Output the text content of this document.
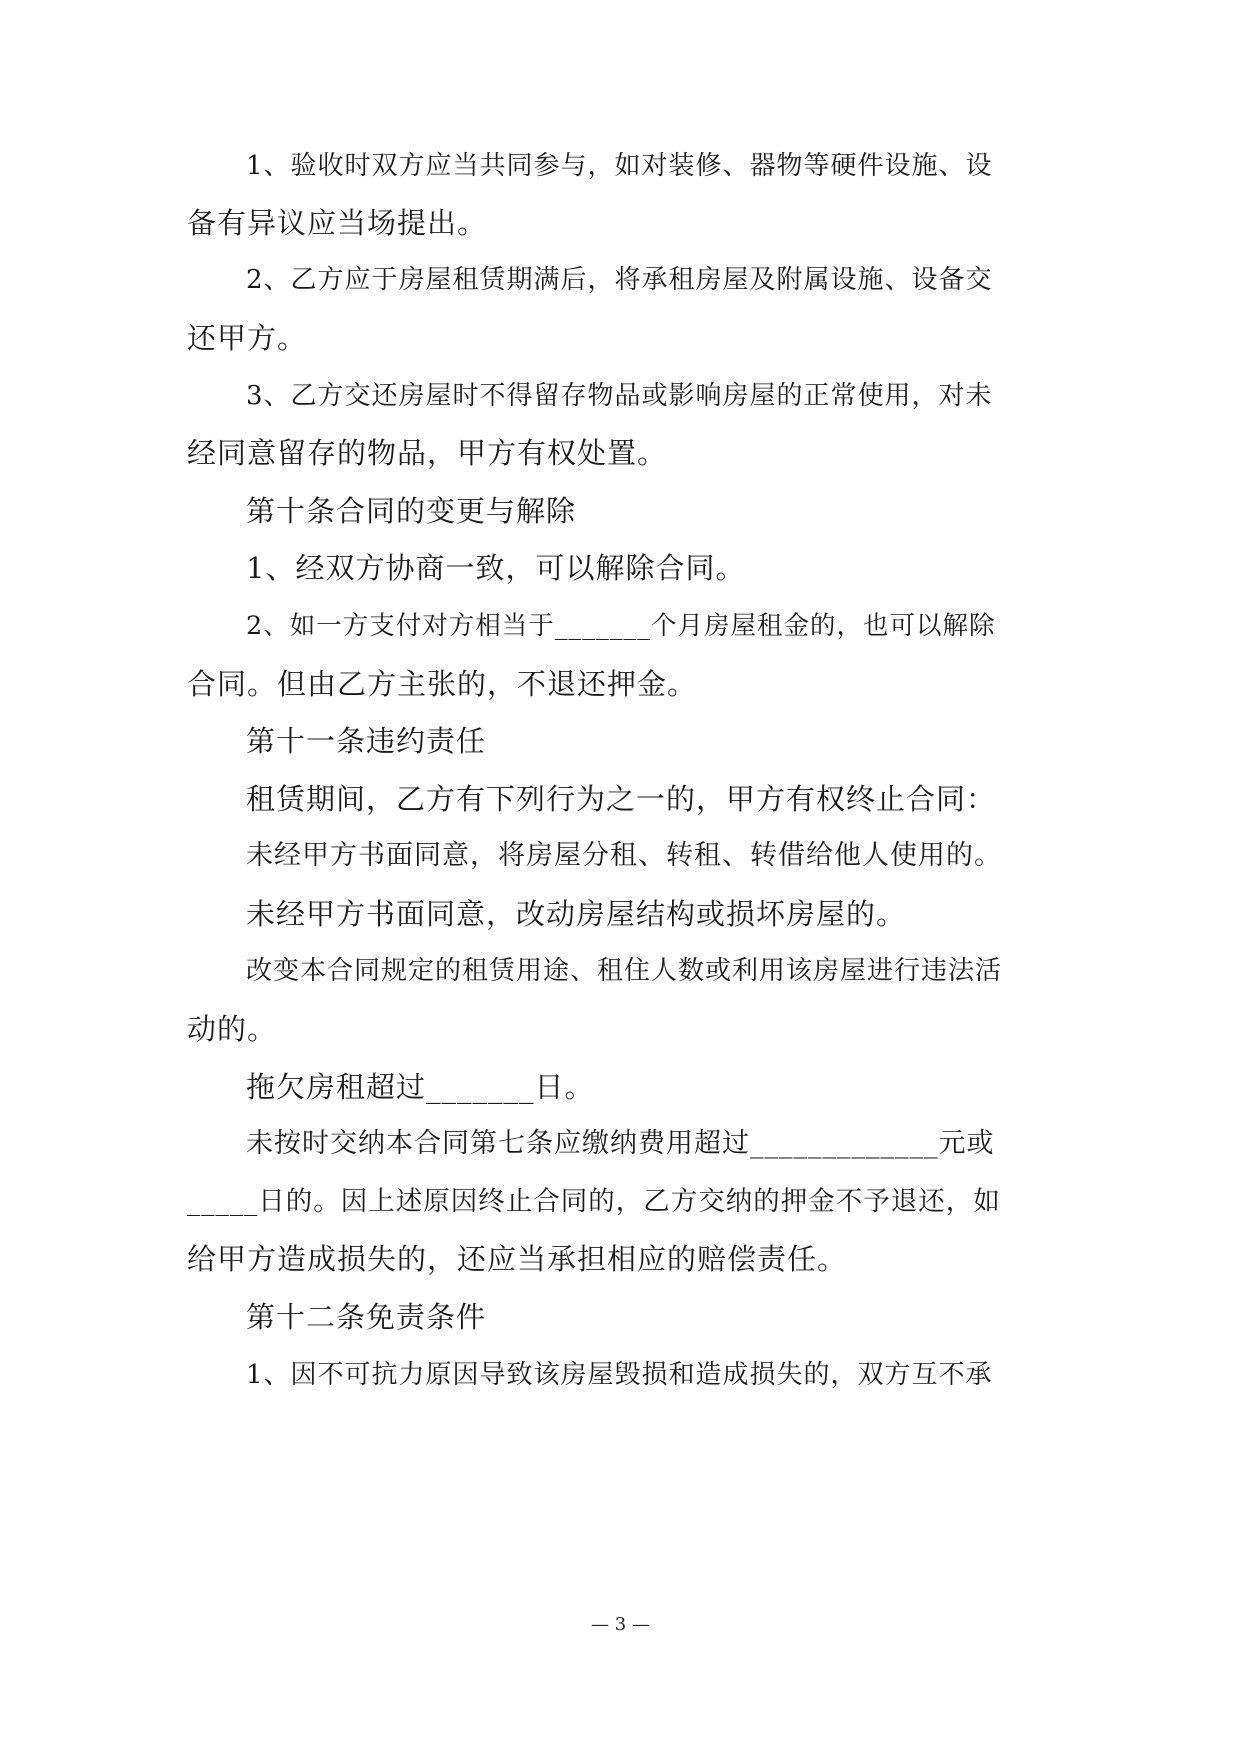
1、验收时双方应当共同参与，如对装修、器物等硬件设施、设
备有异议应当场提出。
2、乙方应于房屋租赁期满后，将承租房屋及附属设施、设备交
还甲方。
3、乙方交还房屋时不得留存物品或影响房屋的正常使用，对未
经同意留存的物品，甲方有权处置。
第十条合同的变更与解除
1、经双方协商一致，可以解除合同。
2、如一方支付对方相当于_______个月房屋租金的，也可以解除
合同。但由乙方主张的，不退还押金。
第十一条违约责任
租赁期间，乙方有下列行为之一的，甲方有权终止合同：
未经甲方书面同意，将房屋分租、转租、转借给他人使用的。
未经甲方书面同意，改动房屋结构或损坏房屋的。
改变本合同规定的租赁用途、租住人数或利用该房屋进行违法活
动的。
拖欠房租超过_______日。
未按时交纳本合同第七条应缴纳费用超过_____________元或
_____日的。因上述原因终止合同的，乙方交纳的押金不予退还，如
给甲方造成损失的，还应当承担相应的赔偿责任。
第十二条免责条件
1、因不可抗力原因导致该房屋毁损和造成损失的，双方互不承
— 3 —
